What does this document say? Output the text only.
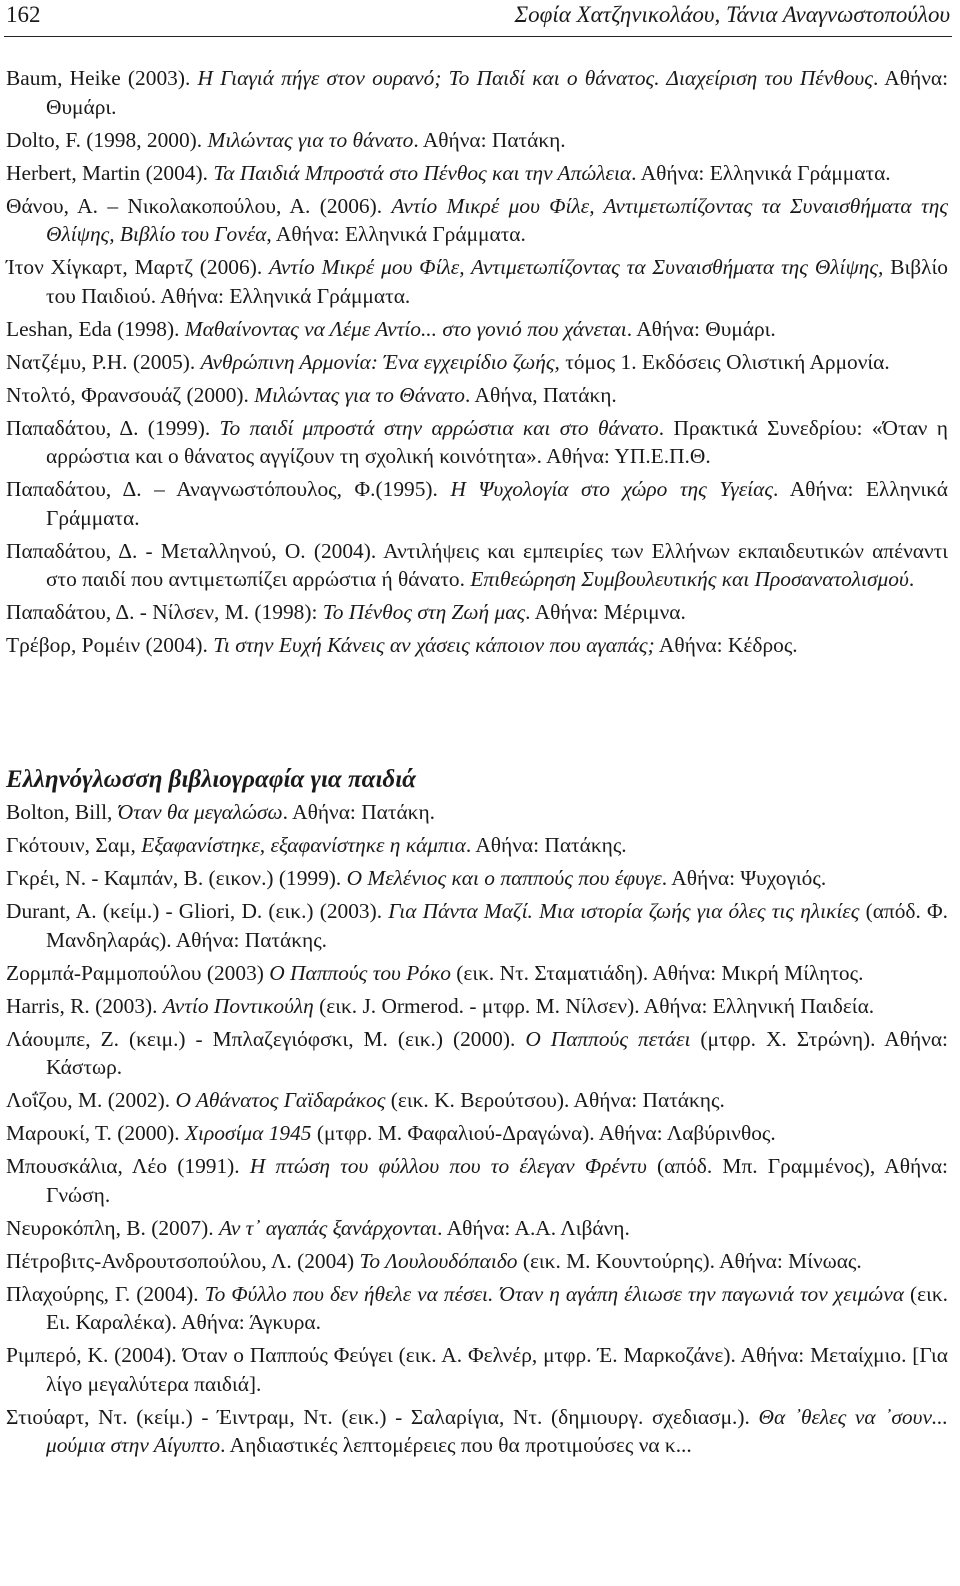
162	Σοφία Χατζηνικολάου, Τάνια Αναγνωστοπούλου

Baum, Heike (2003). Η Γιαγιά πήγε στον ουρανό; Το Παιδί και ο θάνατος. Διαχείριση του Πένθους. Αθήνα: Θυμάρι.

Dolto, F. (1998, 2000). Μιλώντας για το θάνατο. Αθήνα: Πατάκη.

Herbert, Martin (2004). Τα Παιδιά Μπροστά στο Πένθος και την Απώλεια. Αθήνα: Ελληνικά Γράμματα.

Θάνου, Α. – Νικολακοπούλου, Α. (2006). Αντίο Μικρέ μου Φίλε, Αντιμετωπίζοντας τα Συναισθήματα της Θλίψης, Βιβλίο του Γονέα, Αθήνα: Ελληνικά Γράμματα.

Ίτον Χίγκαρτ, Μαρτζ (2006). Αντίο Μικρέ μου Φίλε, Αντιμετωπίζοντας τα Συναισθήματα της Θλίψης, Βιβλίο του Παιδιού. Αθήνα: Ελληνικά Γράμματα.

Leshan, Eda (1998). Μαθαίνοντας να Λέμε Αντίο... στο γονιό που χάνεται. Αθήνα: Θυμάρι.

Νατζέμυ, Ρ.Η. (2005). Ανθρώπινη Αρμονία: Ένα εγχειρίδιο ζωής, τόμος 1. Εκδόσεις Ολιστική Αρμονία.

Ντολτό, Φρανσουάζ (2000). Μιλώντας για το Θάνατο. Αθήνα, Πατάκη.

Παπαδάτου, Δ. (1999). Το παιδί μπροστά στην αρρώστια και στο θάνατο. Πρακτικά Συνεδρίου: «Όταν η αρρώστια και ο θάνατος αγγίζουν τη σχολική κοινότητα». Αθήνα: ΥΠ.Ε.Π.Θ.

Παπαδάτου, Δ. – Αναγνωστόπουλος, Φ.(1995). Η Ψυχολογία στο χώρο της Υγείας. Αθήνα: Ελληνικά Γράμματα.

Παπαδάτου, Δ. - Μεταλληνού, Ο. (2004). Αντιλήψεις και εμπειρίες των Ελλήνων εκπαιδευτικών απέναντι στο παιδί που αντιμετωπίζει αρρώστια ή θάνατο. Επιθεώρηση Συμβουλευτικής και Προσανατολισμού.

Παπαδάτου, Δ. - Νίλσεν, Μ. (1998): Το Πένθος στη Ζωή μας. Αθήνα: Μέριμνα.

Τρέβορ, Ρομέιν (2004). Τι στην Ευχή Κάνεις αν χάσεις κάποιον που αγαπάς; Αθήνα: Κέδρος.

Ελληνόγλωσση βιβλιογραφία για παιδιά

Bolton, Bill, Όταν θα μεγαλώσω. Αθήνα: Πατάκη.

Γκότουιν, Σαμ, Εξαφανίστηκε, εξαφανίστηκε η κάμπια. Αθήνα: Πατάκης.

Γκρέι, Ν. - Καμπάν, Β. (εικον.) (1999). Ο Μελένιος και ο παππούς που έφυγε. Αθήνα: Ψυχογιός.

Durant, A. (κείμ.) - Gliori, D. (εικ.) (2003). Για Πάντα Μαζί. Μια ιστορία ζωής για όλες τις ηλικίες (απόδ. Φ. Μανδηλαράς). Αθήνα: Πατάκης.

Ζορμπά-Ραμμοπούλου (2003) Ο Παππούς του Ρόκο (εικ. Ντ. Σταματιάδη). Αθήνα: Μικρή Μίλητος.

Harris, R. (2003). Αντίο Ποντικούλη (εικ. J. Ormerod. - μτφρ. Μ. Νίλσεν). Αθήνα: Ελληνική Παιδεία.

Λάουμπε, Ζ. (κειμ.) - Μπλαζεγιόφσκι, Μ. (εικ.) (2000). Ο Παππούς πετάει (μτφρ. Χ. Στρώνη). Αθήνα: Κάστωρ.

Λοΐζου, Μ. (2002). Ο Αθάνατος Γαϊδαράκος (εικ. Κ. Βερούτσου). Αθήνα: Πατάκης.

Μαρουκί, Τ. (2000). Χιροσίμα 1945 (μτφρ. Μ. Φαφαλιού-Δραγώνα). Αθήνα: Λαβύρινθος.

Μπουσκάλια, Λέο (1991). Η πτώση του φύλλου που το έλεγαν Φρέντυ (απόδ. Μπ. Γραμμένος), Αθήνα: Γνώση.

Νευροκόπλη, Β. (2007). Αν τ᾽ αγαπάς ξανάρχονται. Αθήνα: Α.Α. Λιβάνη.

Πέτροβιτς-Ανδρουτσοπούλου, Λ. (2004) Το Λουλουδόπαιδο (εικ. Μ. Κουντούρης). Αθήνα: Μίνωας.

Πλαχούρης, Γ. (2004). Το Φύλλο που δεν ήθελε να πέσει. Όταν η αγάπη έλιωσε την παγωνιά τον χειμώνα (εικ. Ει. Καραλέκα). Αθήνα: Άγκυρα.

Ριμπερό, Κ. (2004). Όταν ο Παππούς Φεύγει (εικ. Α. Φελνέρ, μτφρ. Έ. Μαρκοζάνε). Αθήνα: Μεταίχμιο. [Για λίγο μεγαλύτερα παιδιά].

Στιούαρτ, Ντ. (κείμ.) - Έιντραμ, Ντ. (εικ.) - Σαλαρίγια, Ντ. (δημιουργ. σχεδιασμ.). Θα ᾽θελες να ᾽σουν... μούμια στην Αίγυπτο. Αηδιαστικές λεπτομέρειες που θα προτιμούσες να κ...
